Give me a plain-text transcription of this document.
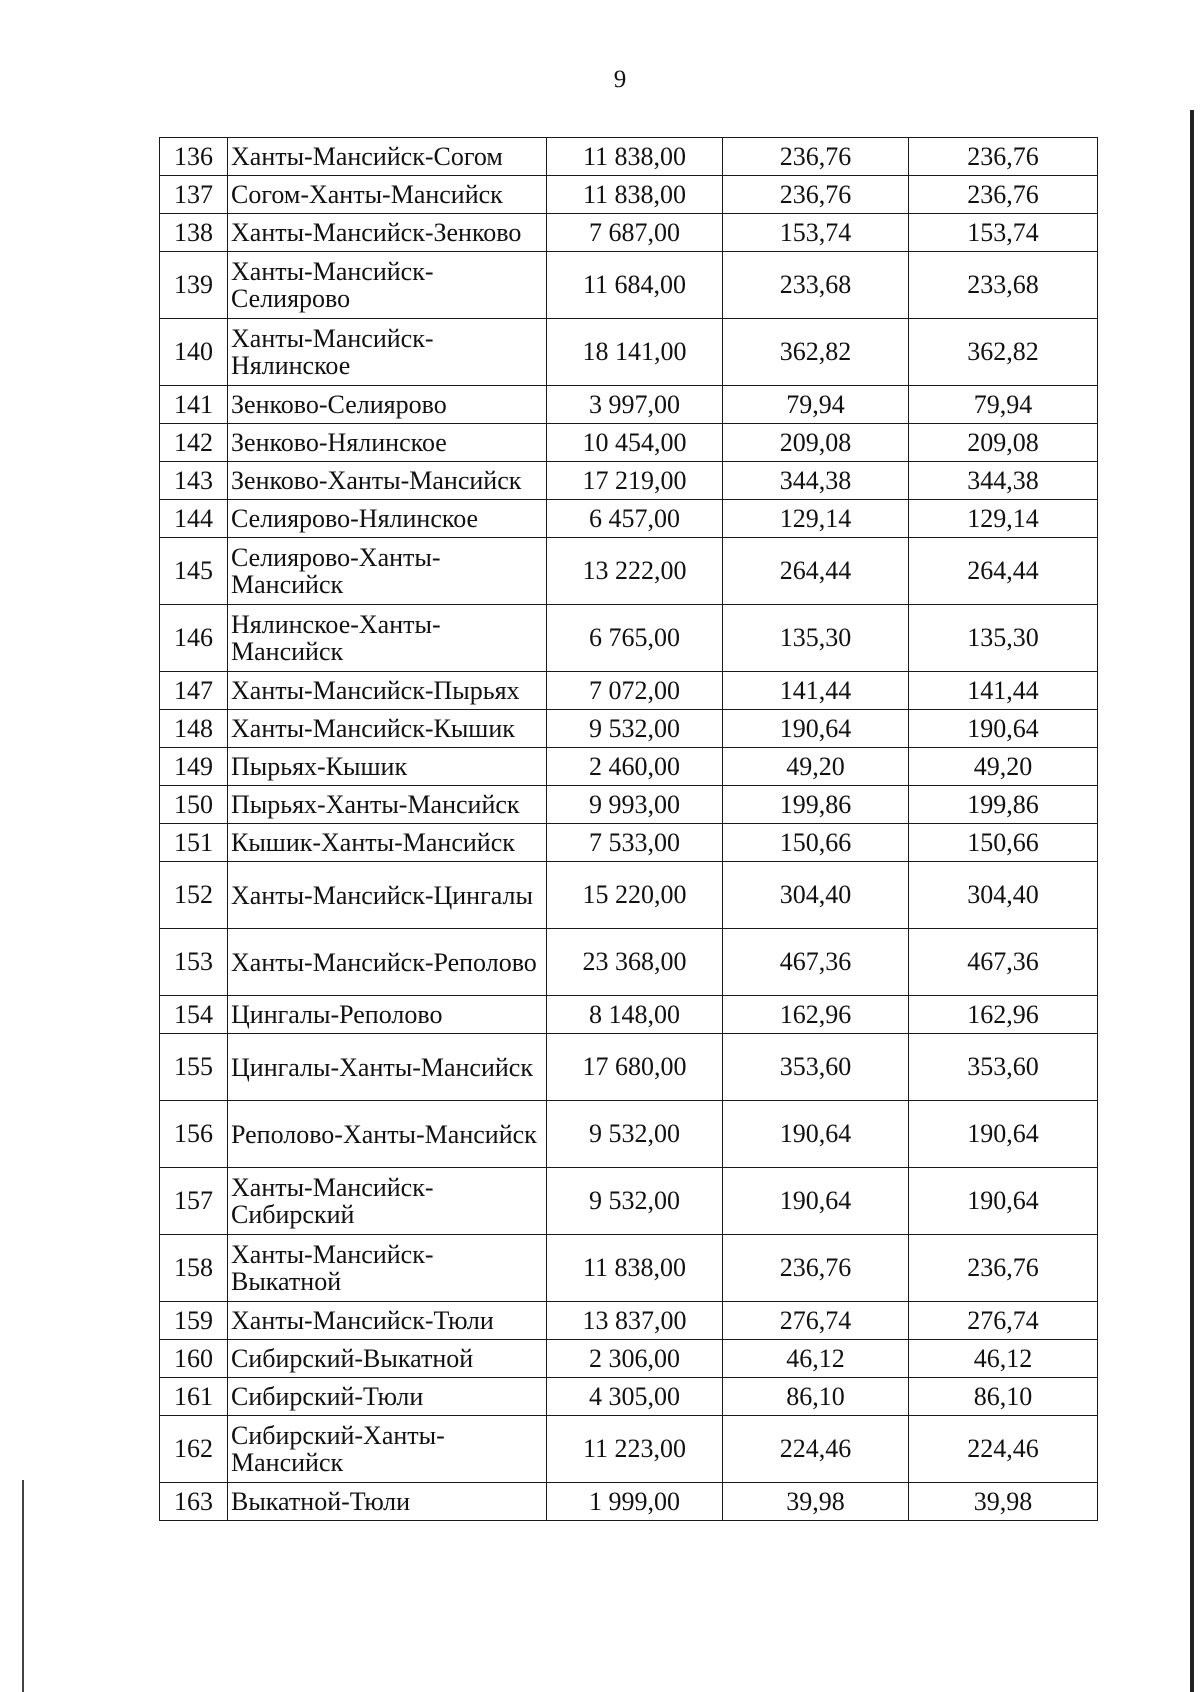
9
136	Ханты-Мансийск-Согом	11 838,00	236,76	236,76
137	Согом-Ханты-Мансийск	11 838,00	236,76	236,76
138	Ханты-Мансийск-Зенково	7 687,00	153,74	153,74
139	Ханты-Мансийск-Селиярово	11 684,00	233,68	233,68
140	Ханты-Мансийск-Нялинское	18 141,00	362,82	362,82
141	Зенково-Селиярово	3 997,00	79,94	79,94
142	Зенково-Нялинское	10 454,00	209,08	209,08
143	Зенково-Ханты-Мансийск	17 219,00	344,38	344,38
144	Селиярово-Нялинское	6 457,00	129,14	129,14
145	Селиярово-Ханты-Мансийск	13 222,00	264,44	264,44
146	Нялинское-Ханты-Мансийск	6 765,00	135,30	135,30
147	Ханты-Мансийск-Пырьях	7 072,00	141,44	141,44
148	Ханты-Мансийск-Кышик	9 532,00	190,64	190,64
149	Пырьях-Кышик	2 460,00	49,20	49,20
150	Пырьях-Ханты-Мансийск	9 993,00	199,86	199,86
151	Кышик-Ханты-Мансийск	7 533,00	150,66	150,66
152	Ханты-Мансийск-Цингалы	15 220,00	304,40	304,40
153	Ханты-Мансийск-Реполово	23 368,00	467,36	467,36
154	Цингалы-Реполово	8 148,00	162,96	162,96
155	Цингалы-Ханты-Мансийск	17 680,00	353,60	353,60
156	Реполово-Ханты-Мансийск	9 532,00	190,64	190,64
157	Ханты-Мансийск-Сибирский	9 532,00	190,64	190,64
158	Ханты-Мансийск-Выкатной	11 838,00	236,76	236,76
159	Ханты-Мансийск-Тюли	13 837,00	276,74	276,74
160	Сибирский-Выкатной	2 306,00	46,12	46,12
161	Сибирский-Тюли	4 305,00	86,10	86,10
162	Сибирский-Ханты-Мансийск	11 223,00	224,46	224,46
163	Выкатной-Тюли	1 999,00	39,98	39,98
